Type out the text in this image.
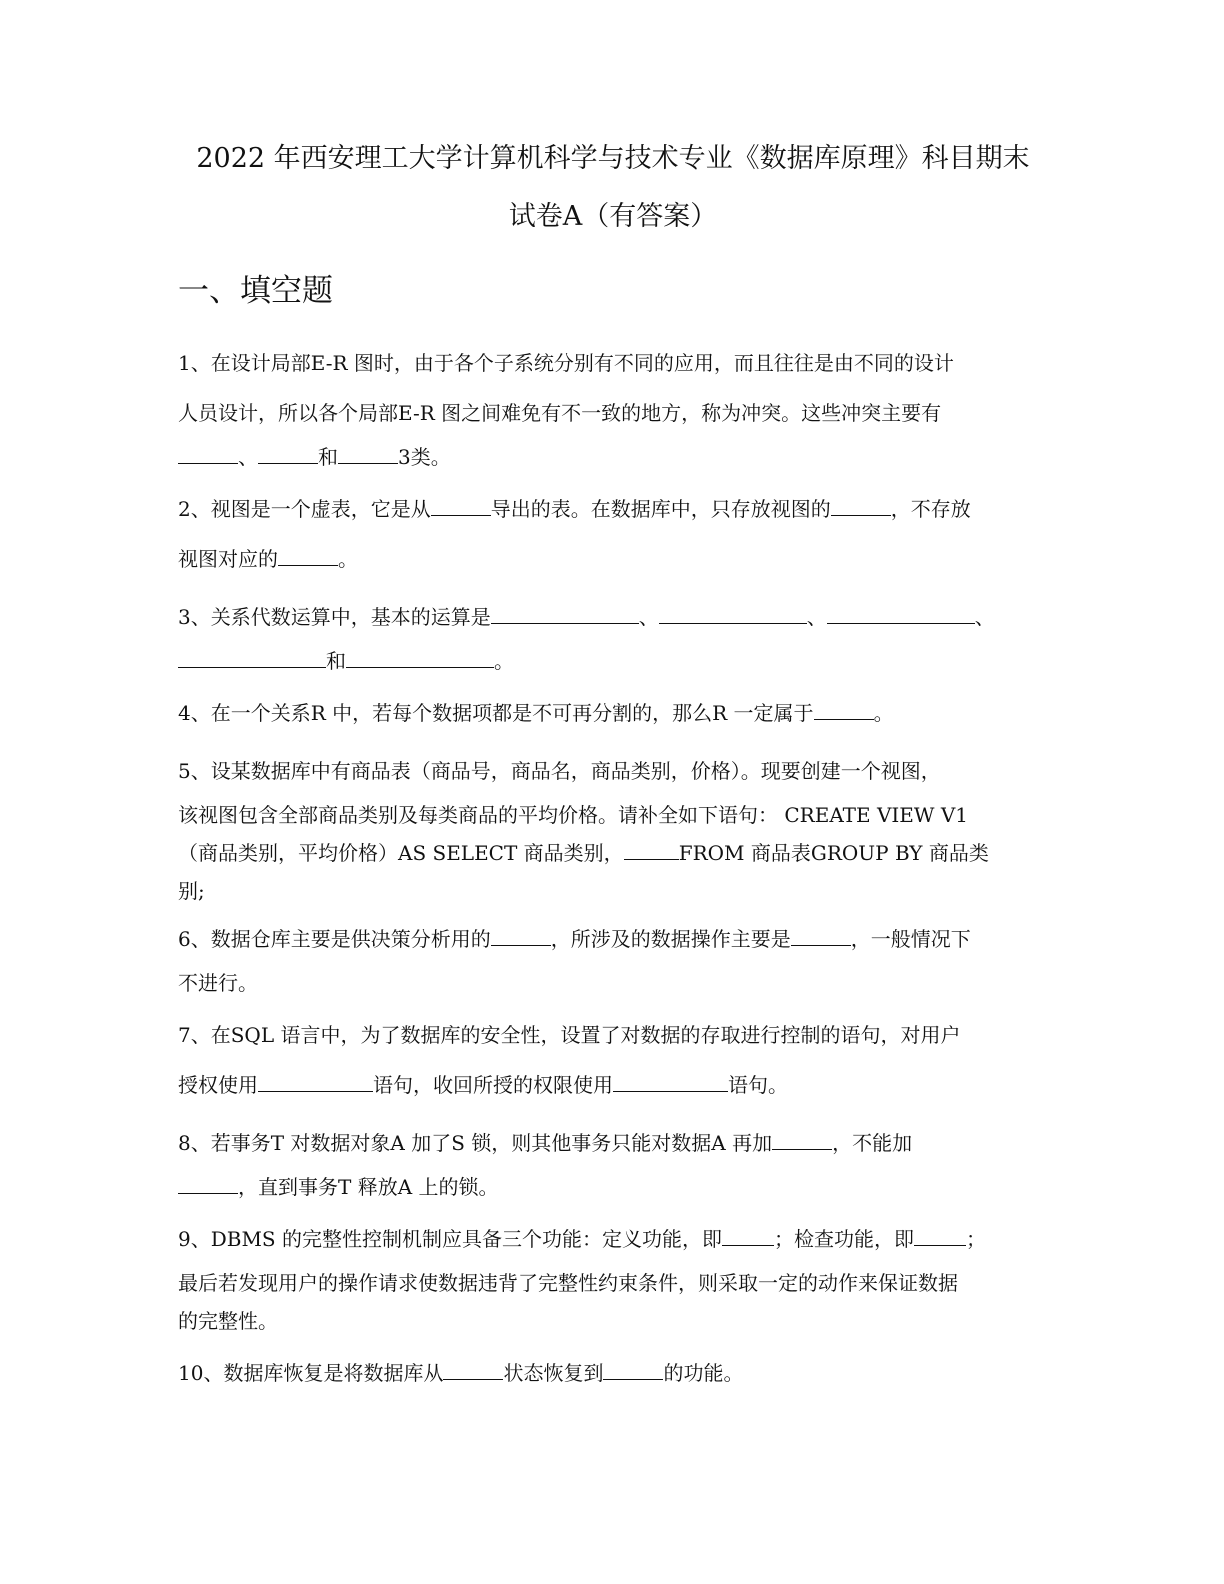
2022 年西安理工大学计算机科学与技术专业《数据库原理》科目期末
试卷A（有答案）
一、填空题
1、在设计局部E-R 图时，由于各个子系统分别有不同的应用，而且往往是由不同的设计
人员设计，所以各个局部E-R 图之间难免有不一致的地方，称为冲突。这些冲突主要有
、	和	3类。
2、视图是一个虚表，它是从	导出的表。在数据库中，只存放视图的	，不存放
视图对应的	。
3、关系代数运算中，基本的运算是	、	、	、
和	。
4、在一个关系R 中，若每个数据项都是不可再分割的，那么R 一定属于	。
5、设某数据库中有商品表（商品号，商品名，商品类别，价格）。现要创建一个视图，
该视图包含全部商品类别及每类商品的平均价格。请补全如下语句： CREATE VIEW V1
（商品类别，平均价格）AS SELECT 商品类别，	FROM 商品表GROUP BY 商品类
别;
6、数据仓库主要是供决策分析用的	，所涉及的数据操作主要是	，一般情况下
不进行。
7、在SQL 语言中，为了数据库的安全性，设置了对数据的存取进行控制的语句，对用户
授权使用	语句，收回所授的权限使用	语句。
8、若事务T 对数据对象A 加了S 锁，则其他事务只能对数据A 再加	，不能加
，直到事务T 释放A 上的锁。
9、DBMS 的完整性控制机制应具备三个功能：定义功能，即	；检查功能，即	；
最后若发现用户的操作请求使数据违背了完整性约束条件，则采取一定的动作来保证数据
的完整性。
10、数据库恢复是将数据库从	状态恢复到	的功能。
